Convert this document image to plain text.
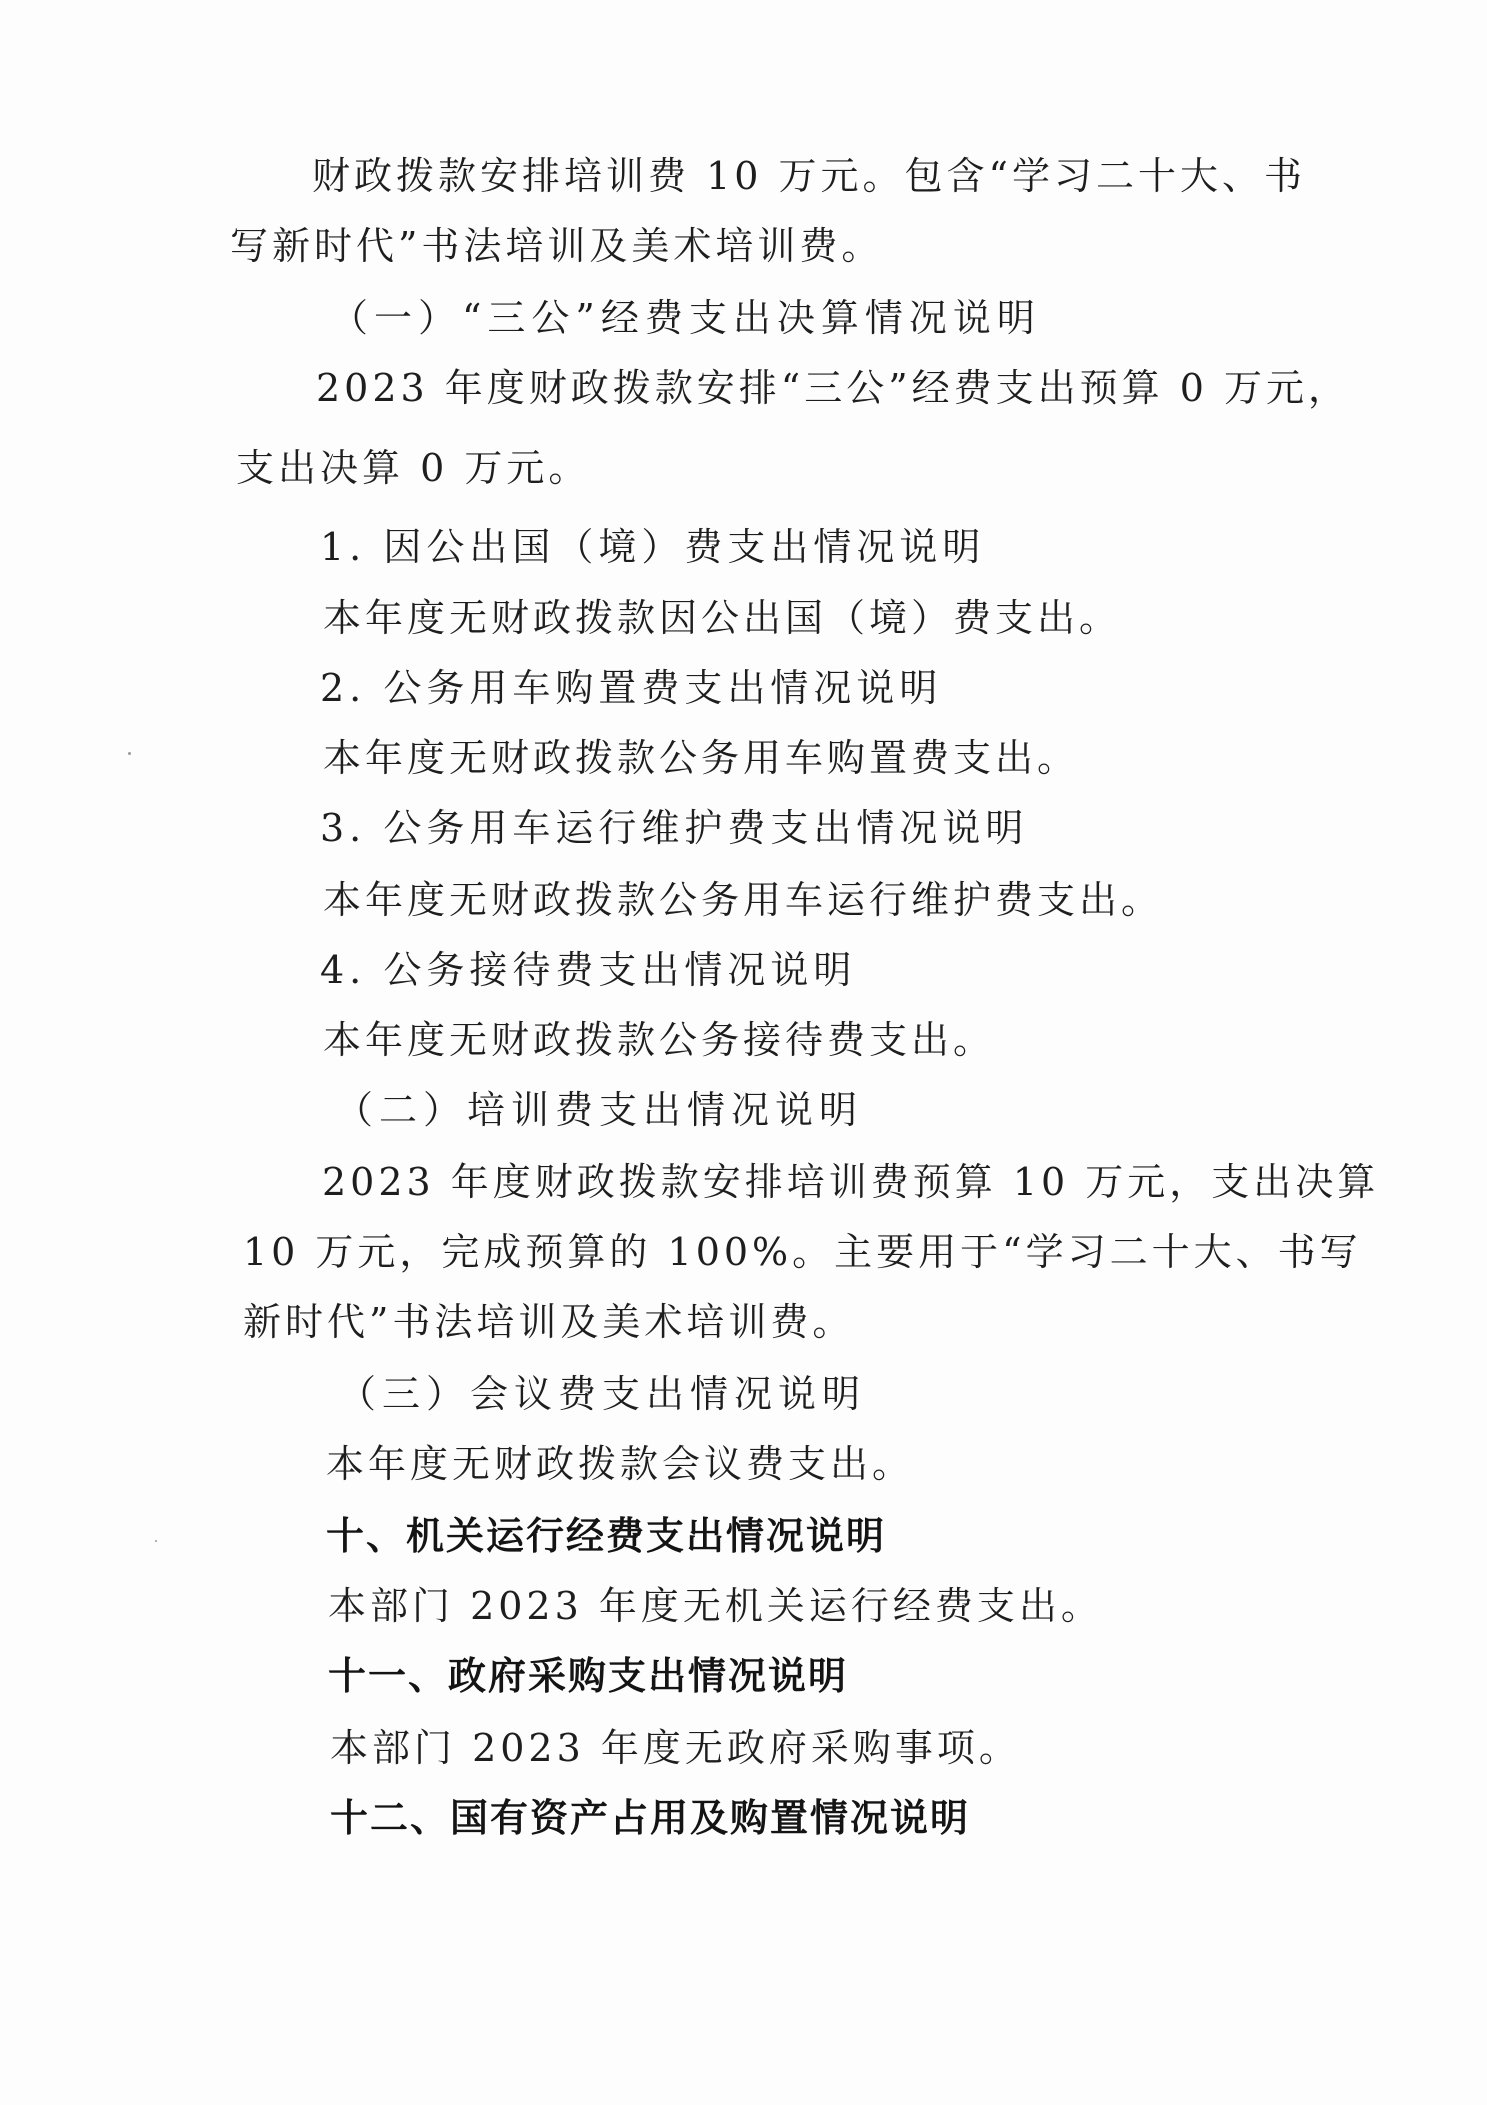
财政拨款安排培训费 10 万元。包含“学习二十大、书
写新时代”书法培训及美术培训费。
（一）“三公”经费支出决算情况说明
2023 年度财政拨款安排“三公”经费支出预算 0 万元，
支出决算 0 万元。
1. 因公出国（境）费支出情况说明
本年度无财政拨款因公出国（境）费支出。
2. 公务用车购置费支出情况说明
本年度无财政拨款公务用车购置费支出。
3. 公务用车运行维护费支出情况说明
本年度无财政拨款公务用车运行维护费支出。
4. 公务接待费支出情况说明
本年度无财政拨款公务接待费支出。
（二）培训费支出情况说明
2023 年度财政拨款安排培训费预算 10 万元，支出决算
10 万元，完成预算的 100%。主要用于“学习二十大、书写
新时代”书法培训及美术培训费。
（三）会议费支出情况说明
本年度无财政拨款会议费支出。
十、机关运行经费支出情况说明
本部门 2023 年度无机关运行经费支出。
十一、政府采购支出情况说明
本部门 2023 年度无政府采购事项。
十二、国有资产占用及购置情况说明
